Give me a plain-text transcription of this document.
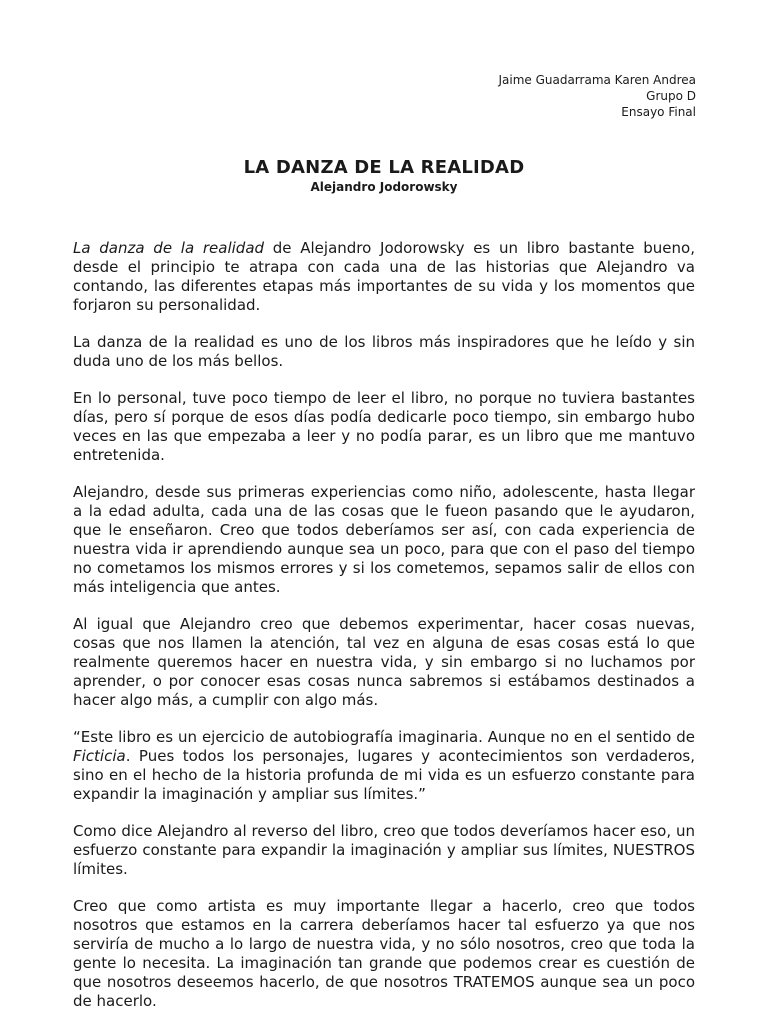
Jaime Guadarrama Karen Andrea
Grupo D
Ensayo Final
LA DANZA DE LA REALIDAD
Alejandro Jodorowsky

La danza de la realidad de Alejandro Jodorowsky es un libro bastante bueno, desde el principio te atrapa con cada una de las historias que Alejandro va contando, las diferentes etapas más importantes de su vida y los momentos que forjaron su personalidad.

La danza de la realidad es uno de los libros más inspiradores que he leído y sin duda uno de los más bellos.

En lo personal, tuve poco tiempo de leer el libro, no porque no tuviera bastantes días, pero sí porque de esos días podía dedicarle poco tiempo, sin embargo hubo veces en las que empezaba a leer y no podía parar, es un libro que me mantuvo entretenida.

Alejandro, desde sus primeras experiencias como niño, adolescente, hasta llegar a la edad adulta, cada una de las cosas que le fueon pasando que le ayudaron, que le enseñaron. Creo que todos deberíamos ser así, con cada experiencia de nuestra vida ir aprendiendo aunque sea un poco, para que con el paso del tiempo no cometamos los mismos errores y si los cometemos, sepamos salir de ellos con más inteligencia que antes.

Al igual que Alejandro creo que debemos experimentar, hacer cosas nuevas, cosas que nos llamen la atención, tal vez en alguna de esas cosas está lo que realmente queremos hacer en nuestra vida, y sin embargo si no luchamos por aprender, o por conocer esas cosas nunca sabremos si estábamos destinados a hacer algo más, a cumplir con algo más.

“Este libro es un ejercicio de autobiografía imaginaria. Aunque no en el sentido de Ficticia. Pues todos los personajes, lugares y acontecimientos son verdaderos, sino en el hecho de la historia profunda de mi vida es un esfuerzo constante para expandir la imaginación y ampliar sus límites.”

Como dice Alejandro al reverso del libro, creo que todos deveríamos hacer eso, un esfuerzo constante para expandir la imaginación y ampliar sus límites, NUESTROS límites.

Creo que como artista es muy importante llegar a hacerlo, creo que todos nosotros que estamos en la carrera deberíamos hacer tal esfuerzo ya que nos serviría de mucho a lo largo de nuestra vida, y no sólo nosotros, creo que toda la gente lo necesita. La imaginación tan grande que podemos crear es cuestión de que nosotros deseemos hacerlo, de que nosotros TRATEMOS aunque sea un poco de hacerlo.
